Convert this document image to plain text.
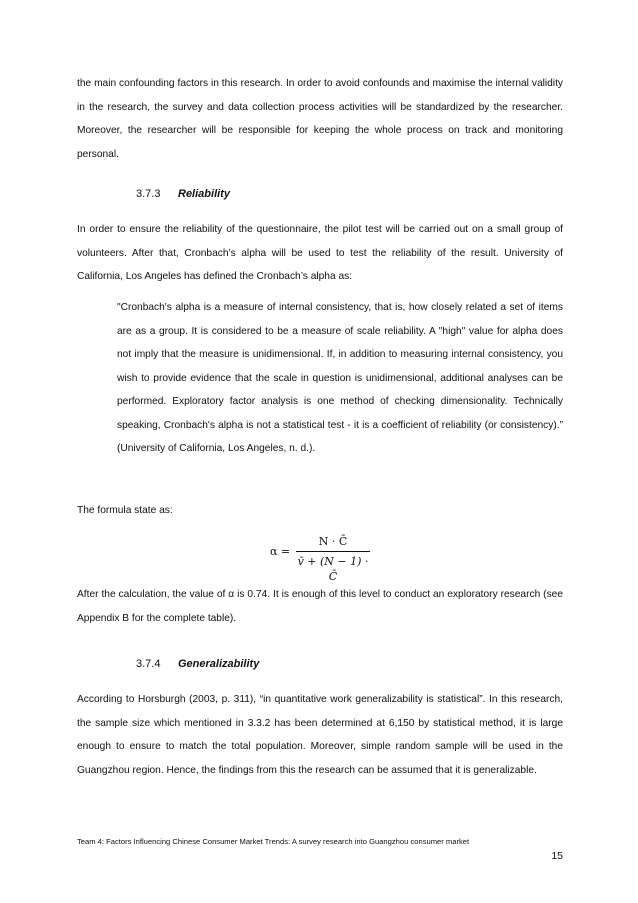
the main confounding factors in this research. In order to avoid confounds and maximise the internal validity in the research, the survey and data collection process activities will be standardized by the researcher. Moreover, the researcher will be responsible for keeping the whole process on track and monitoring personal.

3.7.3 Reliability

In order to ensure the reliability of the questionnaire, the pilot test will be carried out on a small group of volunteers. After that, Cronbach’s alpha will be used to test the reliability of the result. University of California, Los Angeles has defined the Cronbach’s alpha as:

"Cronbach's alpha is a measure of internal consistency, that is, how closely related a set of items are as a group. It is considered to be a measure of scale reliability. A "high" value for alpha does not imply that the measure is unidimensional. If, in addition to measuring internal consistency, you wish to provide evidence that the scale in question is unidimensional, additional analyses can be performed. Exploratory factor analysis is one method of checking dimensionality. Technically speaking, Cronbach's alpha is not a statistical test - it is a coefficient of reliability (or consistency).” (University of California, Los Angeles, n. d.).

The formula state as:

α =
N · C̄
v̄ + (N − 1) · C̄

After the calculation, the value of α is 0.74. It is enough of this level to conduct an exploratory research (see Appendix B for the complete table).

3.7.4 Generalizability

According to Horsburgh (2003, p. 311), “in quantitative work generalizability is statistical”. In this research, the sample size which mentioned in 3.3.2 has been determined at 6,150 by statistical method, it is large enough to ensure to match the total population. Moreover, simple random sample will be used in the Guangzhou region. Hence, the findings from this the research can be assumed that it is generalizable.

Team 4: Factors Influencing Chinese Consumer Market Trends: A survey research into Guangzhou consumer market
15
